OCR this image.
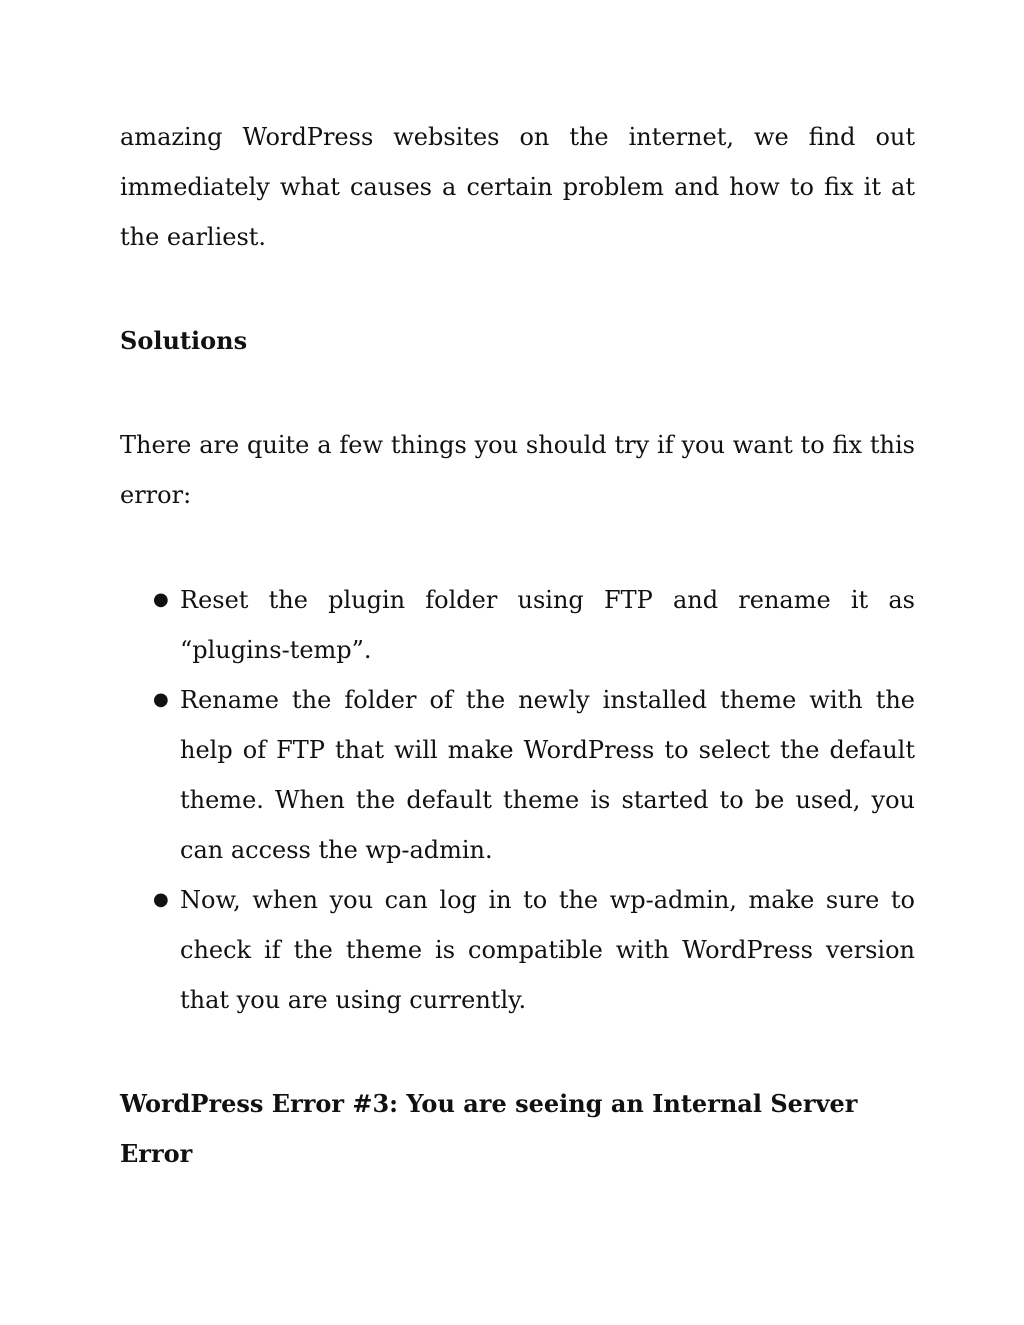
amazing WordPress websites on the internet, we find out immediately what causes a certain problem and how to fix it at the earliest.

Solutions

There are quite a few things you should try if you want to fix this error:

● Reset the plugin folder using FTP and rename it as “plugins-temp”.
● Rename the folder of the newly installed theme with the help of FTP that will make WordPress to select the default theme. When the default theme is started to be used, you can access the wp-admin.
● Now, when you can log in to the wp-admin, make sure to check if the theme is compatible with WordPress version that you are using currently.
WordPress Error #3: You are seeing an Internal Server Error
